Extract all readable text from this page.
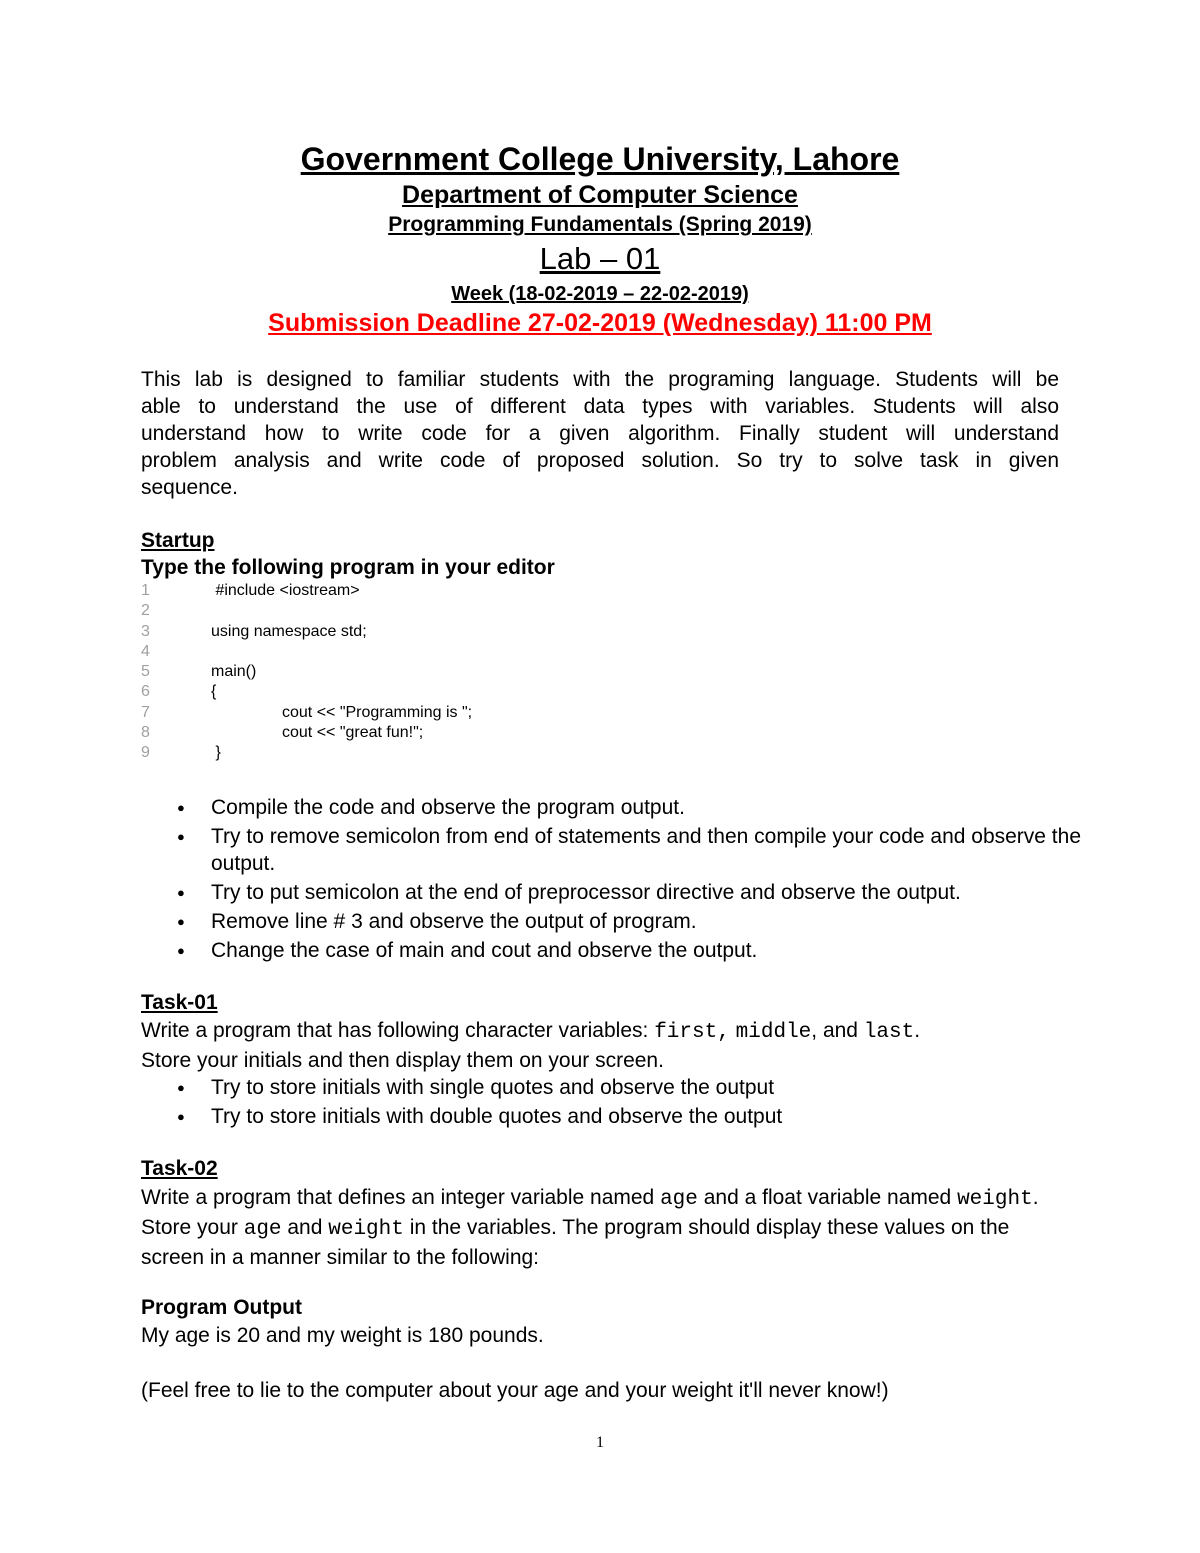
Government College University, Lahore
Department of Computer Science
Programming Fundamentals (Spring 2019)
Lab – 01
Week (18-02-2019 – 22-02-2019)
Submission Deadline 27-02-2019 (Wednesday) 11:00 PM

This lab is designed to familiar students with the programing language. Students will be
able to understand the use of different data types with variables. Students will also
understand how to write code for a given algorithm. Finally student will understand
problem analysis and write code of proposed solution. So try to solve task in given
sequence.

Startup
Type the following program in your editor
1	#include <iostream>
2
3	using namespace std;
4
5	main()
6	{
7	cout << "Programming is ";
8	cout << "great fun!";
9	}
● Compile the code and observe the program output.
● Try to remove semicolon from end of statements and then compile your code and observe the output.
● Try to put semicolon at the end of preprocessor directive and observe the output.
● Remove line # 3 and observe the output of program.
● Change the case of main and cout and observe the output.
Task-01

Write a program that has following character variables: first, middle, and last.
Store your initials and then display them on your screen.

● Try to store initials with single quotes and observe the output
● Try to store initials with double quotes and observe the output
Task-02

Write a program that defines an integer variable named age and a float variable named weight. Store your age and weight in the variables. The program should display these values on the screen in a manner similar to the following:

Program Output

My age is 20 and my weight is 180 pounds.

(Feel free to lie to the computer about your age and your weight it'll never know!)

1
